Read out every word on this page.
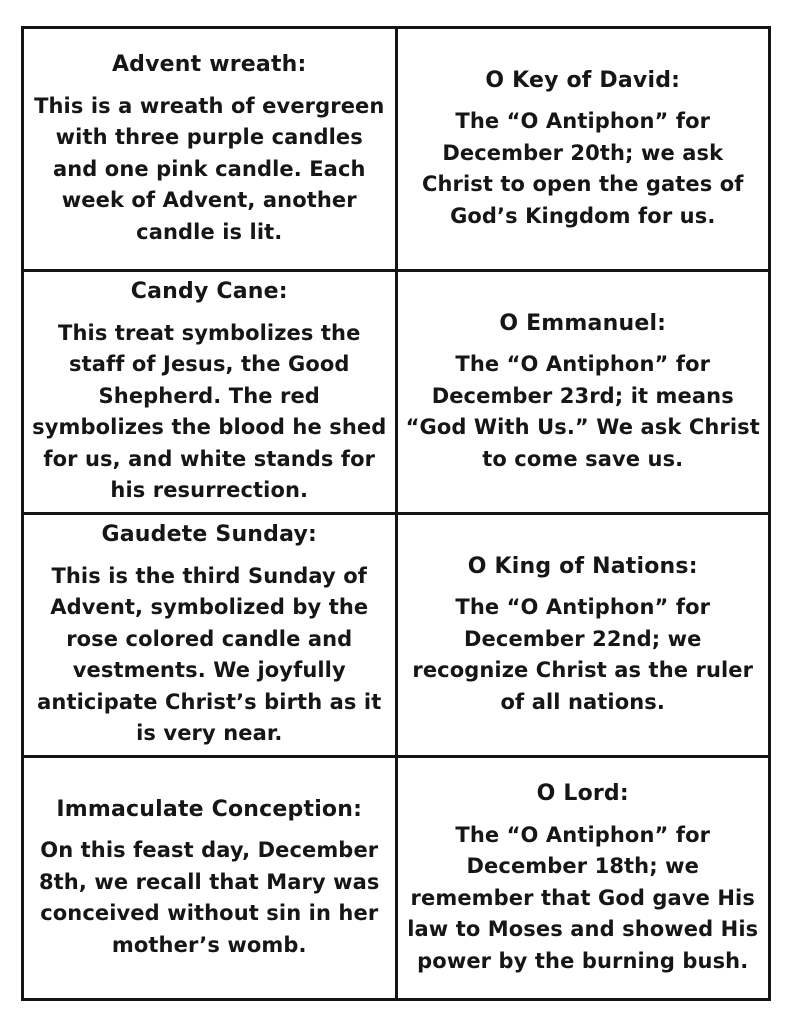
Advent wreath:
This is a wreath of evergreen with three purple candles and one pink candle. Each week of Advent, another candle is lit.
O Key of David:
The “O Antiphon” for December 20th; we ask Christ to open the gates of God’s Kingdom for us.
Candy Cane:
This treat symbolizes the staff of Jesus, the Good Shepherd. The red symbolizes the blood he shed for us, and white stands for his resurrection.
O Emmanuel:
The “O Antiphon” for December 23rd; it means “God With Us.” We ask Christ to come save us.
Gaudete Sunday:
This is the third Sunday of Advent, symbolized by the rose colored candle and vestments. We joyfully anticipate Christ’s birth as it is very near.
O King of Nations:
The “O Antiphon” for December 22nd; we recognize Christ as the ruler of all nations.
Immaculate Conception:
On this feast day, December 8th, we recall that Mary was conceived without sin in her mother’s womb.
O Lord:
The “O Antiphon” for December 18th; we remember that God gave His law to Moses and showed His power by the burning bush.
